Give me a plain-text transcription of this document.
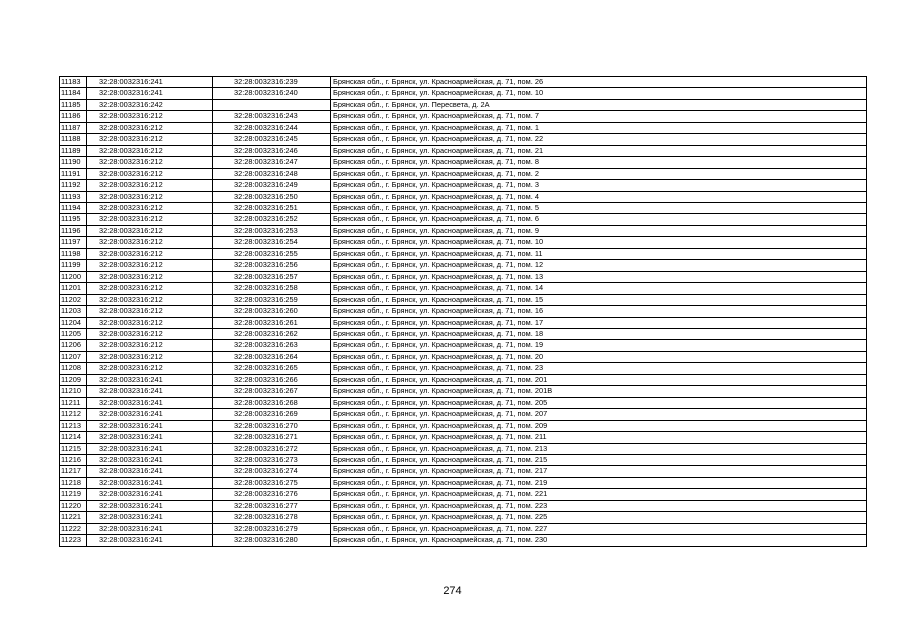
11183	32:28:0032316:241	32:28:0032316:239	Брянская обл., г. Брянск, ул. Красноармейская, д. 71, пом. 26
11184	32:28:0032316:241	32:28:0032316:240	Брянская обл., г. Брянск, ул. Красноармейская, д. 71, пом. 10
11185	32:28:0032316:242		Брянская обл., г. Брянск, ул. Пересвета, д. 2А
11186	32:28:0032316:212	32:28:0032316:243	Брянская обл., г. Брянск, ул. Красноармейская, д. 71, пом. 7
11187	32:28:0032316:212	32:28:0032316:244	Брянская обл., г. Брянск, ул. Красноармейская, д. 71, пом. 1
11188	32:28:0032316:212	32:28:0032316:245	Брянская обл., г. Брянск, ул. Красноармейская, д. 71, пом. 22
11189	32:28:0032316:212	32:28:0032316:246	Брянская обл., г. Брянск, ул. Красноармейская, д. 71, пом. 21
11190	32:28:0032316:212	32:28:0032316:247	Брянская обл., г. Брянск, ул. Красноармейская, д. 71, пом. 8
11191	32:28:0032316:212	32:28:0032316:248	Брянская обл., г. Брянск, ул. Красноармейская, д. 71, пом. 2
11192	32:28:0032316:212	32:28:0032316:249	Брянская обл., г. Брянск, ул. Красноармейская, д. 71, пом. 3
11193	32:28:0032316:212	32:28:0032316:250	Брянская обл., г. Брянск, ул. Красноармейская, д. 71, пом. 4
11194	32:28:0032316:212	32:28:0032316:251	Брянская обл., г. Брянск, ул. Красноармейская, д. 71, пом. 5
11195	32:28:0032316:212	32:28:0032316:252	Брянская обл., г. Брянск, ул. Красноармейская, д. 71, пом. 6
11196	32:28:0032316:212	32:28:0032316:253	Брянская обл., г. Брянск, ул. Красноармейская, д. 71, пом. 9
11197	32:28:0032316:212	32:28:0032316:254	Брянская обл., г. Брянск, ул. Красноармейская, д. 71, пом. 10
11198	32:28:0032316:212	32:28:0032316:255	Брянская обл., г. Брянск, ул. Красноармейская, д. 71, пом. 11
11199	32:28:0032316:212	32:28:0032316:256	Брянская обл., г. Брянск, ул. Красноармейская, д. 71, пом. 12
11200	32:28:0032316:212	32:28:0032316:257	Брянская обл., г. Брянск, ул. Красноармейская, д. 71, пом. 13
11201	32:28:0032316:212	32:28:0032316:258	Брянская обл., г. Брянск, ул. Красноармейская, д. 71, пом. 14
11202	32:28:0032316:212	32:28:0032316:259	Брянская обл., г. Брянск, ул. Красноармейская, д. 71, пом. 15
11203	32:28:0032316:212	32:28:0032316:260	Брянская обл., г. Брянск, ул. Красноармейская, д. 71, пом. 16
11204	32:28:0032316:212	32:28:0032316:261	Брянская обл., г. Брянск, ул. Красноармейская, д. 71, пом. 17
11205	32:28:0032316:212	32:28:0032316:262	Брянская обл., г. Брянск, ул. Красноармейская, д. 71, пом. 18
11206	32:28:0032316:212	32:28:0032316:263	Брянская обл., г. Брянск, ул. Красноармейская, д. 71, пом. 19
11207	32:28:0032316:212	32:28:0032316:264	Брянская обл., г. Брянск, ул. Красноармейская, д. 71, пом. 20
11208	32:28:0032316:212	32:28:0032316:265	Брянская обл., г. Брянск, ул. Красноармейская, д. 71, пом. 23
11209	32:28:0032316:241	32:28:0032316:266	Брянская обл., г. Брянск, ул. Красноармейская, д. 71, пом. 201
11210	32:28:0032316:241	32:28:0032316:267	Брянская обл., г. Брянск, ул. Красноармейская, д. 71, пом. 201В
11211	32:28:0032316:241	32:28:0032316:268	Брянская обл., г. Брянск, ул. Красноармейская, д. 71, пом. 205
11212	32:28:0032316:241	32:28:0032316:269	Брянская обл., г. Брянск, ул. Красноармейская, д. 71, пом. 207
11213	32:28:0032316:241	32:28:0032316:270	Брянская обл., г. Брянск, ул. Красноармейская, д. 71, пом. 209
11214	32:28:0032316:241	32:28:0032316:271	Брянская обл., г. Брянск, ул. Красноармейская, д. 71, пом. 211
11215	32:28:0032316:241	32:28:0032316:272	Брянская обл., г. Брянск, ул. Красноармейская, д. 71, пом. 213
11216	32:28:0032316:241	32:28:0032316:273	Брянская обл., г. Брянск, ул. Красноармейская, д. 71, пом. 215
11217	32:28:0032316:241	32:28:0032316:274	Брянская обл., г. Брянск, ул. Красноармейская, д. 71, пом. 217
11218	32:28:0032316:241	32:28:0032316:275	Брянская обл., г. Брянск, ул. Красноармейская, д. 71, пом. 219
11219	32:28:0032316:241	32:28:0032316:276	Брянская обл., г. Брянск, ул. Красноармейская, д. 71, пом. 221
11220	32:28:0032316:241	32:28:0032316:277	Брянская обл., г. Брянск, ул. Красноармейская, д. 71, пом. 223
11221	32:28:0032316:241	32:28:0032316:278	Брянская обл., г. Брянск, ул. Красноармейская, д. 71, пом. 225
11222	32:28:0032316:241	32:28:0032316:279	Брянская обл., г. Брянск, ул. Красноармейская, д. 71, пом. 227
11223	32:28:0032316:241	32:28:0032316:280	Брянская обл., г. Брянск, ул. Красноармейская, д. 71, пом. 230
274
